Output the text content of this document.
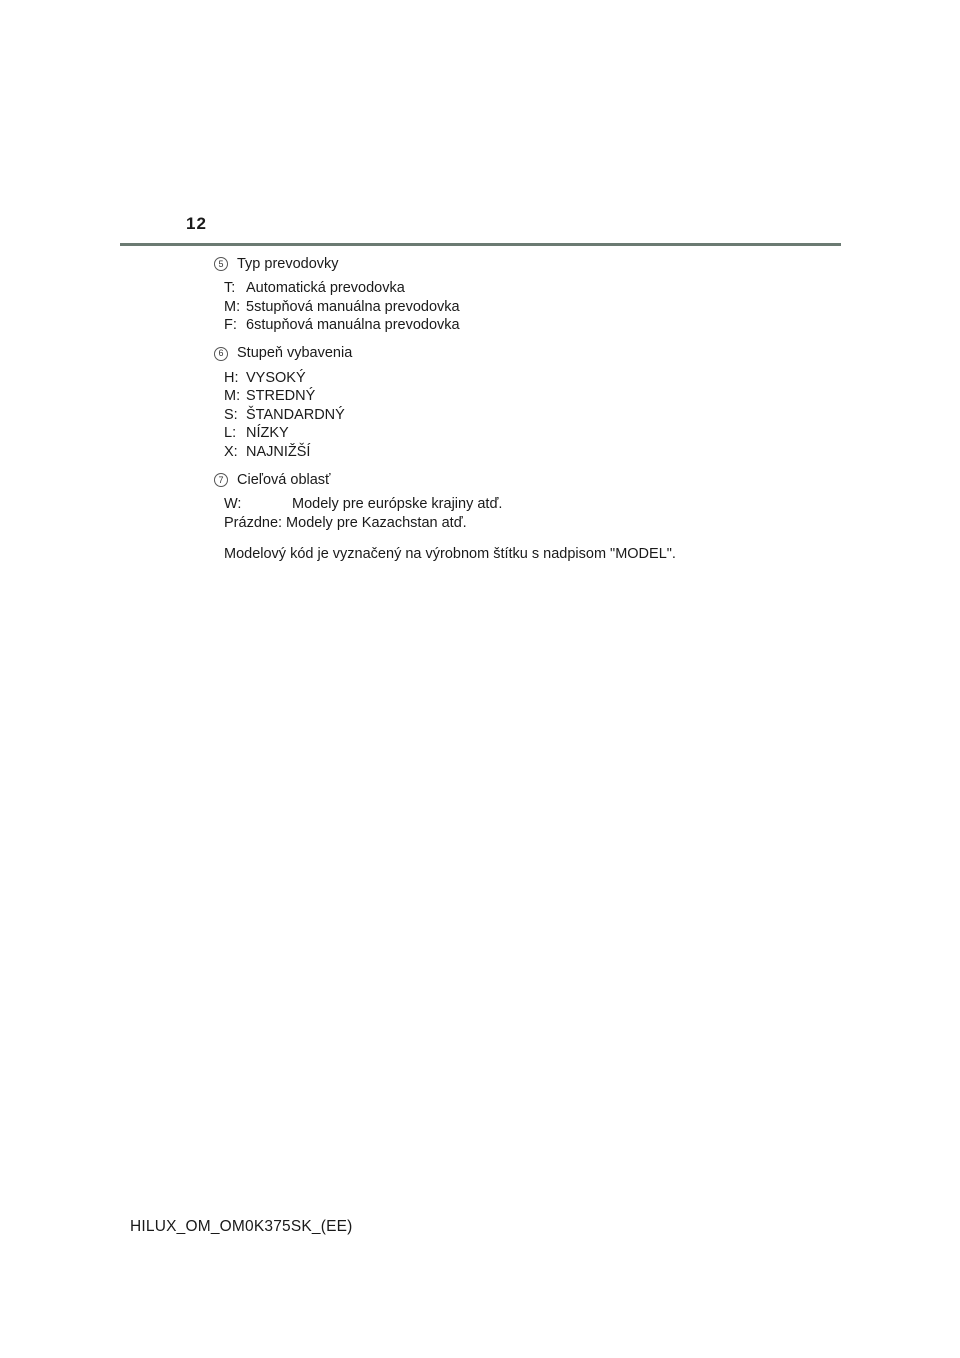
12
5 Typ prevodovky
T: Automatická prevodovka
M: 5stupňová manuálna prevodovka
F: 6stupňová manuálna prevodovka
6 Stupeň vybavenia
H: VYSOKÝ
M: STREDNÝ
S: ŠTANDARDNÝ
L: NÍZKY
X: NAJNIŽŠÍ
7 Cieľová oblasť
W:	Modely pre európske krajiny atď.
Prázdne: Modely pre Kazachstan atď.
Modelový kód je vyznačený na výrobnom štítku s nadpisom "MODEL".
HILUX_OM_OM0K375SK_(EE)
